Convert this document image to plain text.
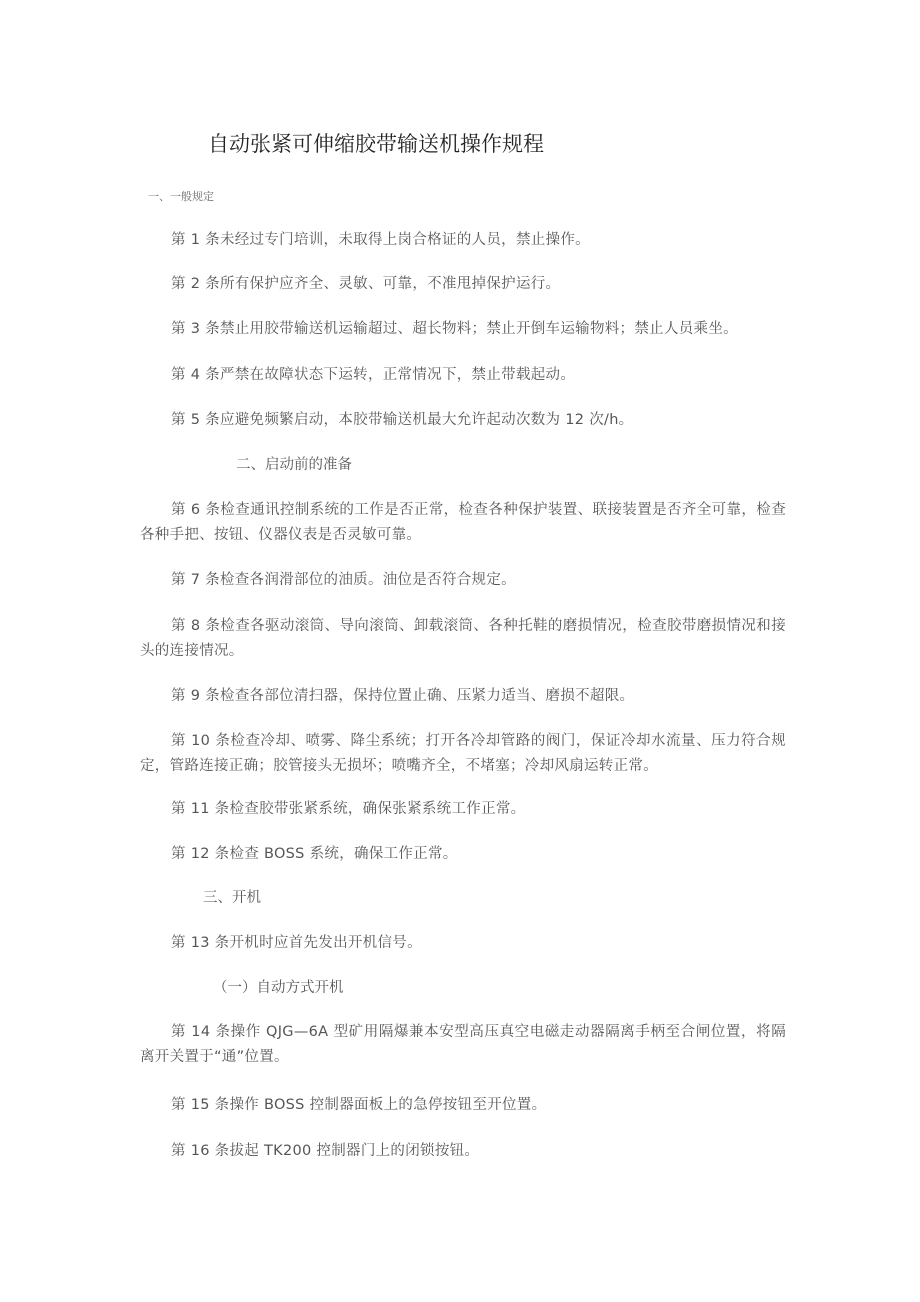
自动张紧可伸缩胶带输送机操作规程
一、一般规定
第 1 条未经过专门培训，未取得上岗合格证的人员，禁止操作。
第 2 条所有保护应齐全、灵敏、可靠，不准甩掉保护运行。
第 3 条禁止用胶带输送机运输超过、超长物料；禁止开倒车运输物料；禁止人员乘坐。
第 4 条严禁在故障状态下运转，正常情况下，禁止带载起动。
第 5 条应避免频繁启动，本胶带输送机最大允许起动次数为 12 次/h。
二、启动前的准备
第 6 条检查通讯控制系统的工作是否正常，检查各种保护装置、联接装置是否齐全可靠，检查各种手把、按钮、仪器仪表是否灵敏可靠。
第 7 条检查各润滑部位的油质。油位是否符合规定。
第 8 条检查各驱动滚筒、导向滚筒、卸载滚筒、各种托鞋的磨损情况，检查胶带磨损情况和接头的连接情况。
第 9 条检查各部位清扫器，保持位置止确、压紧力适当、磨损不超限。
第 10 条检查冷却、喷雾、降尘系统；打开各冷却管路的阀门，保证冷却水流量、压力符合规定，管路连接正确；胶管接头无损坏；喷嘴齐全，不堵塞；冷却风扇运转正常。
第 11 条检查胶带张紧系统，确保张紧系统工作正常。
第 12 条检查 BOSS 系统，确保工作正常。
三、开机
第 13 条开机时应首先发出开机信号。
（一）自动方式开机
第 14 条操作 QJG—6A 型矿用隔爆兼本安型高压真空电磁走动器隔离手柄至合闸位置，将隔离开关置于“通”位置。
第 15 条操作 BOSS 控制器面板上的急停按钮至开位置。
第 16 条拔起 TK200 控制器门上的闭锁按钮。
